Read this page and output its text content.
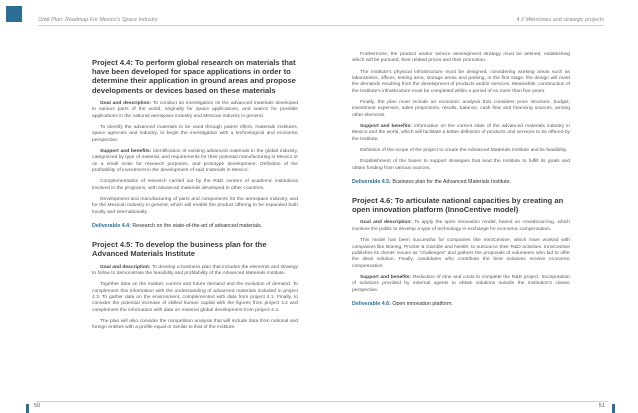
Orbit Plan: Roadmap For Mexico's Space Industry	4 // Milestones and strategic projects
Project 4.4: To perform global research on materials that have been developed for space applications in order to determine their application in ground areas and propose developments or devices based on these materials

Goal and description: To conduct an investigation on the advanced materials developed in various parts of the world, originally for space applications, and search for possible applications in the national aerospace industry and Mexican industry in general.

To identify the advanced materials to be used through patent offers, materials institutes, space agencies and industry, to begin the investigation with a technological and economic perspective.

Support and benefits: Identification of existing advanced materials in the global industry, categorized by type of material, and requirements for their potential manufacturing in Mexico or on a small scale for research purposes, and prototype development. Definition of the profitability of investment in the development of said materials in Mexico.

Complementation of research carried out by the R&D centers of academic institutions involved in the programs, with advanced materials developed in other countries.

Development and manufacturing of parts and components for the aerospace industry, and for the Mexican industry in general, which will enable the product offering to be expanded both locally and internationally.

Deliverable 4.4: Research on the state-of-the-art of advanced materials.
Project 4.5: To develop the business plan for the Advanced Materials Institute

Goal and description: To develop a business plan that includes the elements and strategy to follow to demonstrate the feasibility and profitability of the Advanced Materials Institute.

Together data on the market, current and future demand and the evolution of demand. To complement this information with the understanding of advanced materials included in project 4.3. To gather data on the environment, complemented with data from project 4.1. Finally, to consider the potential increase of skilled human capital with the figures from project 4.2 and complement the information with data on material global development from project 4.4.

The plan will also consider the competition analysis that will include data from national and foreign entities with a profile equal or similar to that of the Institute.

Furthermore, the product and/or service development strategy must be defined, establishing which will be pursued, their related prices and their promotion.

The Institute's physical infrastructure must be designed, considering working areas such as laboratories, offices, testing area, storage areas and parking, in the first stage; the design will meet the demands resulting from the development of products and/or services. Meanwhile, construction of the Institute's infrastructure must be completed within a period of no more than five years.

Finally, the plan must include an economic analysis that considers price structure, budget, investment expenses, sales projections, results, balance, cash flow and financing sources, among other elements.

Support and benefits: Information on the current state of the advanced materials industry in Mexico and the world, which will facilitate a better definition of products and services to be offered by the Institute.

Definition of the scope of the project to create the Advanced Materials Institute and its feasibility.

Establishment of the bases to support strategies that lead the Institute to fulfill its goals and obtain funding from various sources.

Deliverable 4.5: Business plan for the Advanced Materials Institute.
Project 4.6: To articulate national capacities by creating an open innovation platform (InnoCentive model)

Goal and description: To apply the open innovation model, based on crowdsourcing, which involves the public to develop a type of technology in exchange for economic compensation.

This model has been successful for companies like InnoCentive, which have worked with companies like Boeing, Procter & Gamble and Nestlé, to outsource their R&D activities. InnoCentive publishes its clients' issues as "challenges" and gathers the proposals of volunteers who bid to offer the ideal solution. Finally, candidates who contribute the best solutions receive economic compensation.

Support and benefits: Reduction of time and costs to complete the R&D project. Incorporation of solutions provided by external agents to obtain solutions outside the institution's classic perspective.

Deliverable 4.6: Open innovation platform.
50	51
